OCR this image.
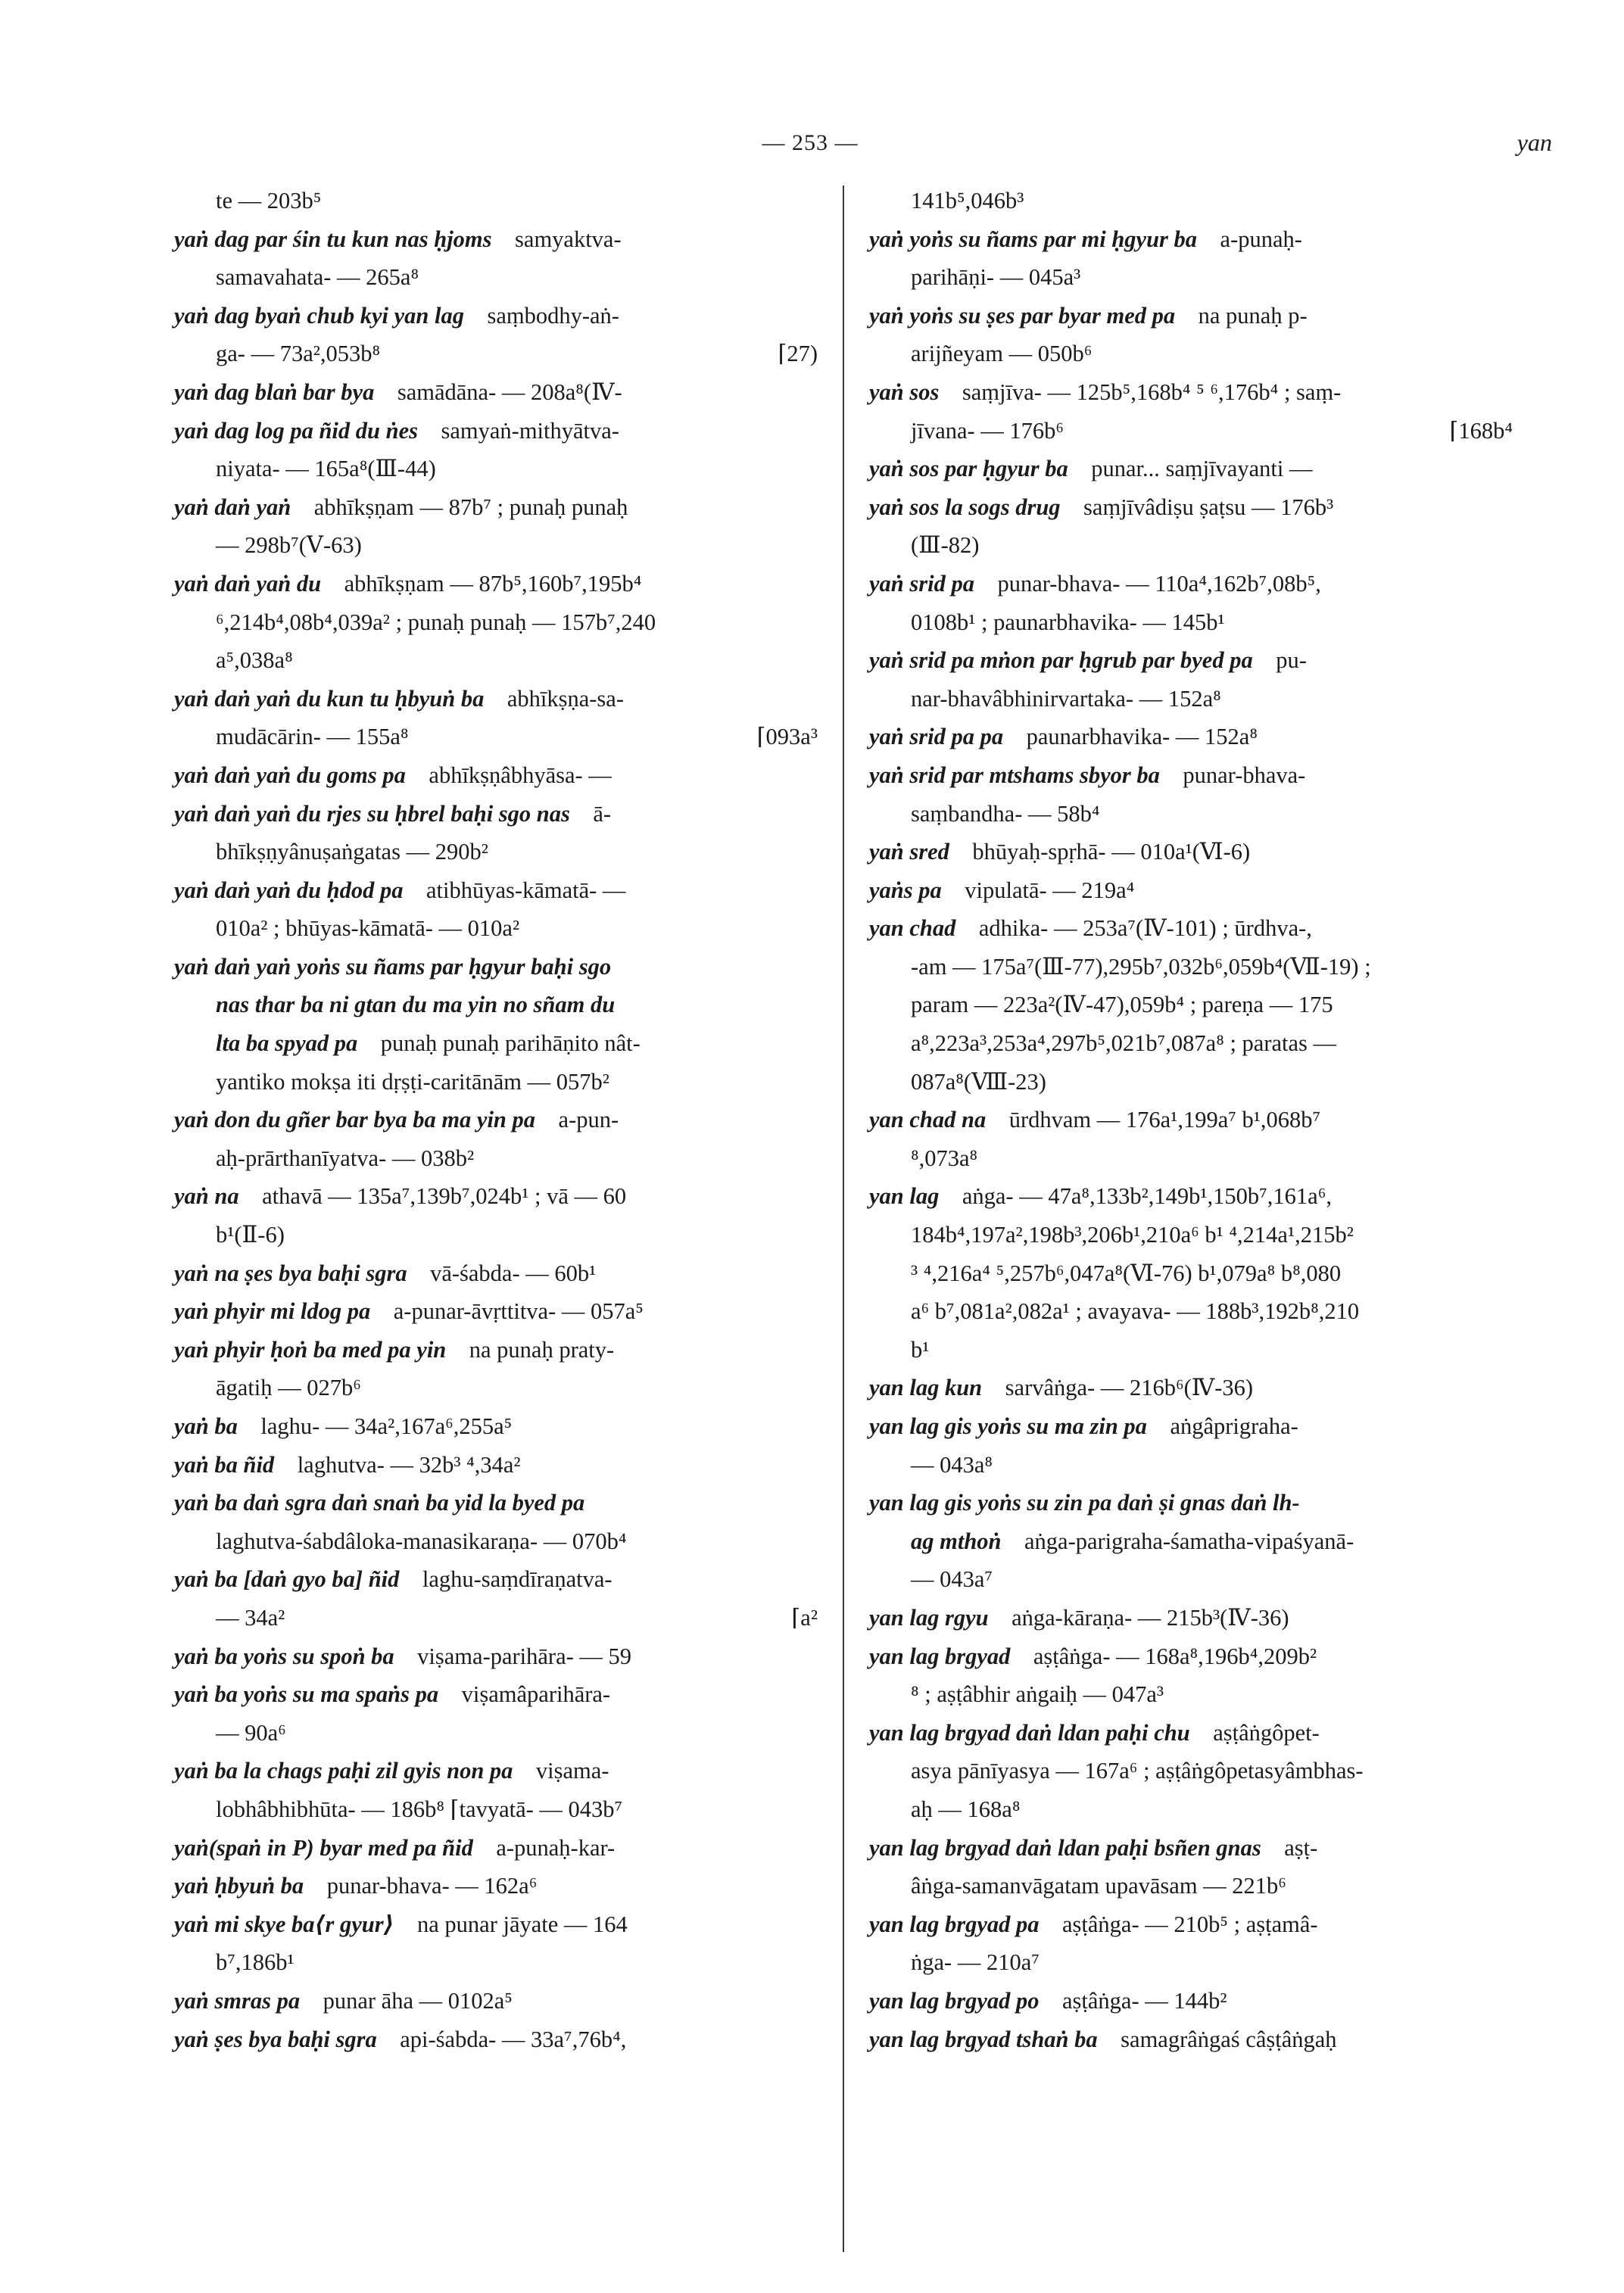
— 253 —	yan
te — 203b⁵
yaṅ dag par śin tu kun nas ḥjoms  samyaktva-
samavahata- — 265a⁸
yaṅ dag byaṅ chub kyi yan lag  saṃbodhy-aṅ-
⌈27)
ga- — 73a²,053b⁸
yaṅ dag blaṅ bar bya  samādāna- — 208a⁸(Ⅳ-
yaṅ dag log pa ñid du ṅes  samyaṅ-mithyātva-
niyata- — 165a⁸(Ⅲ-44)
yaṅ daṅ yaṅ  abhīkṣṇam — 87b⁷ ; punaḥ punaḥ
— 298b⁷(Ⅴ-63)
yaṅ daṅ yaṅ du  abhīkṣṇam — 87b⁵,160b⁷,195b⁴
⁶,214b⁴,08b⁴,039a² ; punaḥ punaḥ — 157b⁷,240
a⁵,038a⁸
yaṅ daṅ yaṅ du kun tu ḥbyuṅ ba  abhīkṣṇa-sa-
⌈093a³
mudācārin- — 155a⁸
yaṅ daṅ yaṅ du goms pa  abhīkṣṇâbhyāsa- —
yaṅ daṅ yaṅ du rjes su ḥbrel baḥi sgo nas  ā-
bhīkṣṇyânuṣaṅgatas — 290b²
yaṅ daṅ yaṅ du ḥdod pa  atibhūyas-kāmatā- —
010a² ; bhūyas-kāmatā- — 010a²
yaṅ daṅ yaṅ yoṅs su ñams par ḥgyur baḥi sgo
nas thar ba ni gtan du ma yin no sñam du
lta ba spyad pa  punaḥ punaḥ parihāṇito nât-
yantiko mokṣa iti dṛṣṭi-caritānām — 057b²
yaṅ don du gñer bar bya ba ma yin pa  a-pun-
aḥ-prārthanīyatva- — 038b²
yaṅ na  athavā — 135a⁷,139b⁷,024b¹ ; vā — 60
b¹(Ⅱ-6)
yaṅ na ṣes bya baḥi sgra  vā-śabda- — 60b¹
yaṅ phyir mi ldog pa  a-punar-āvṛttitva- — 057a⁵
yaṅ phyir ḥoṅ ba med pa yin  na punaḥ praty-
āgatiḥ — 027b⁶
yaṅ ba  laghu- — 34a²,167a⁶,255a⁵
yaṅ ba ñid  laghutva- — 32b³ ⁴,34a²
yaṅ ba daṅ sgra daṅ snaṅ ba yid la byed pa
laghutva-śabdâloka-manasikaraṇa- — 070b⁴
yaṅ ba [daṅ gyo ba] ñid  laghu-saṃdīraṇatva-
⌈a²
— 34a²
yaṅ ba yoṅs su spoṅ ba  viṣama-parihāra- — 59
yaṅ ba yoṅs su ma spaṅs pa  viṣamâparihāra-
— 90a⁶
yaṅ ba la chags paḥi zil gyis non pa  viṣama-
lobhâbhibhūta- — 186b⁸ ⌈tavyatā- — 043b⁷
yaṅ(spaṅ in P) byar med pa ñid  a-punaḥ-kar-
yaṅ ḥbyuṅ ba  punar-bhava- — 162a⁶
yaṅ mi skye ba⟨r gyur⟩  na punar jāyate — 164
b⁷,186b¹
yaṅ smras pa  punar āha — 0102a⁵
yaṅ ṣes bya baḥi sgra  api-śabda- — 33a⁷,76b⁴,
141b⁵,046b³
yaṅ yoṅs su ñams par mi ḥgyur ba  a-punaḥ-
parihāṇi- — 045a³
yaṅ yoṅs su ṣes par byar med pa  na punaḥ p-
arijñeyam — 050b⁶
yaṅ sos  saṃjīva- — 125b⁵,168b⁴ ⁵ ⁶,176b⁴ ; saṃ-
⌈168b⁴
jīvana- — 176b⁶
yaṅ sos par ḥgyur ba  punar... saṃjīvayanti —
yaṅ sos la sogs drug  saṃjīvâdiṣu ṣaṭsu — 176b³
(Ⅲ-82)
yaṅ srid pa  punar-bhava- — 110a⁴,162b⁷,08b⁵,
0108b¹ ; paunarbhavika- — 145b¹
yaṅ srid pa mṅon par ḥgrub par byed pa  pu-
nar-bhavâbhinirvartaka- — 152a⁸
yaṅ srid pa pa  paunarbhavika- — 152a⁸
yaṅ srid par mtshams sbyor ba  punar-bhava-
saṃbandha- — 58b⁴
yaṅ sred  bhūyaḥ-spṛhā- — 010a¹(Ⅵ-6)
yaṅs pa  vipulatā- — 219a⁴
yan chad  adhika- — 253a⁷(Ⅳ-101) ; ūrdhva-,
-am — 175a⁷(Ⅲ-77),295b⁷,032b⁶,059b⁴(Ⅶ-19) ;
param — 223a²(Ⅳ-47),059b⁴ ; pareṇa — 175
a⁸,223a³,253a⁴,297b⁵,021b⁷,087a⁸ ; paratas —
087a⁸(Ⅷ-23)
yan chad na  ūrdhvam — 176a¹,199a⁷ b¹,068b⁷
⁸,073a⁸
yan lag  aṅga- — 47a⁸,133b²,149b¹,150b⁷,161a⁶,
184b⁴,197a²,198b³,206b¹,210a⁶ b¹ ⁴,214a¹,215b²
³ ⁴,216a⁴ ⁵,257b⁶,047a⁸(Ⅵ-76) b¹,079a⁸ b⁸,080
a⁶ b⁷,081a²,082a¹ ; avayava- — 188b³,192b⁸,210
b¹
yan lag kun  sarvâṅga- — 216b⁶(Ⅳ-36)
yan lag gis yoṅs su ma zin pa  aṅgâprigraha-
— 043a⁸
yan lag gis yoṅs su zin pa daṅ ṣi gnas daṅ lh-
ag mthoṅ  aṅga-parigraha-śamatha-vipaśyanā-
— 043a⁷
yan lag rgyu  aṅga-kāraṇa- — 215b³(Ⅳ-36)
yan lag brgyad  aṣṭâṅga- — 168a⁸,196b⁴,209b²
⁸ ; aṣṭâbhir aṅgaiḥ — 047a³
yan lag brgyad daṅ ldan paḥi chu  aṣṭâṅgôpet-
asya pānīyasya — 167a⁶ ; aṣṭâṅgôpetasyâmbhas-
aḥ — 168a⁸
yan lag brgyad daṅ ldan paḥi bsñen gnas  aṣṭ-
âṅga-samanvāgatam upavāsam — 221b⁶
yan lag brgyad pa  aṣṭâṅga- — 210b⁵ ; aṣṭamâ-
ṅga- — 210a⁷
yan lag brgyad po  aṣṭâṅga- — 144b²
yan lag brgyad tshaṅ ba  samagrâṅgaś câṣṭâṅgaḥ
